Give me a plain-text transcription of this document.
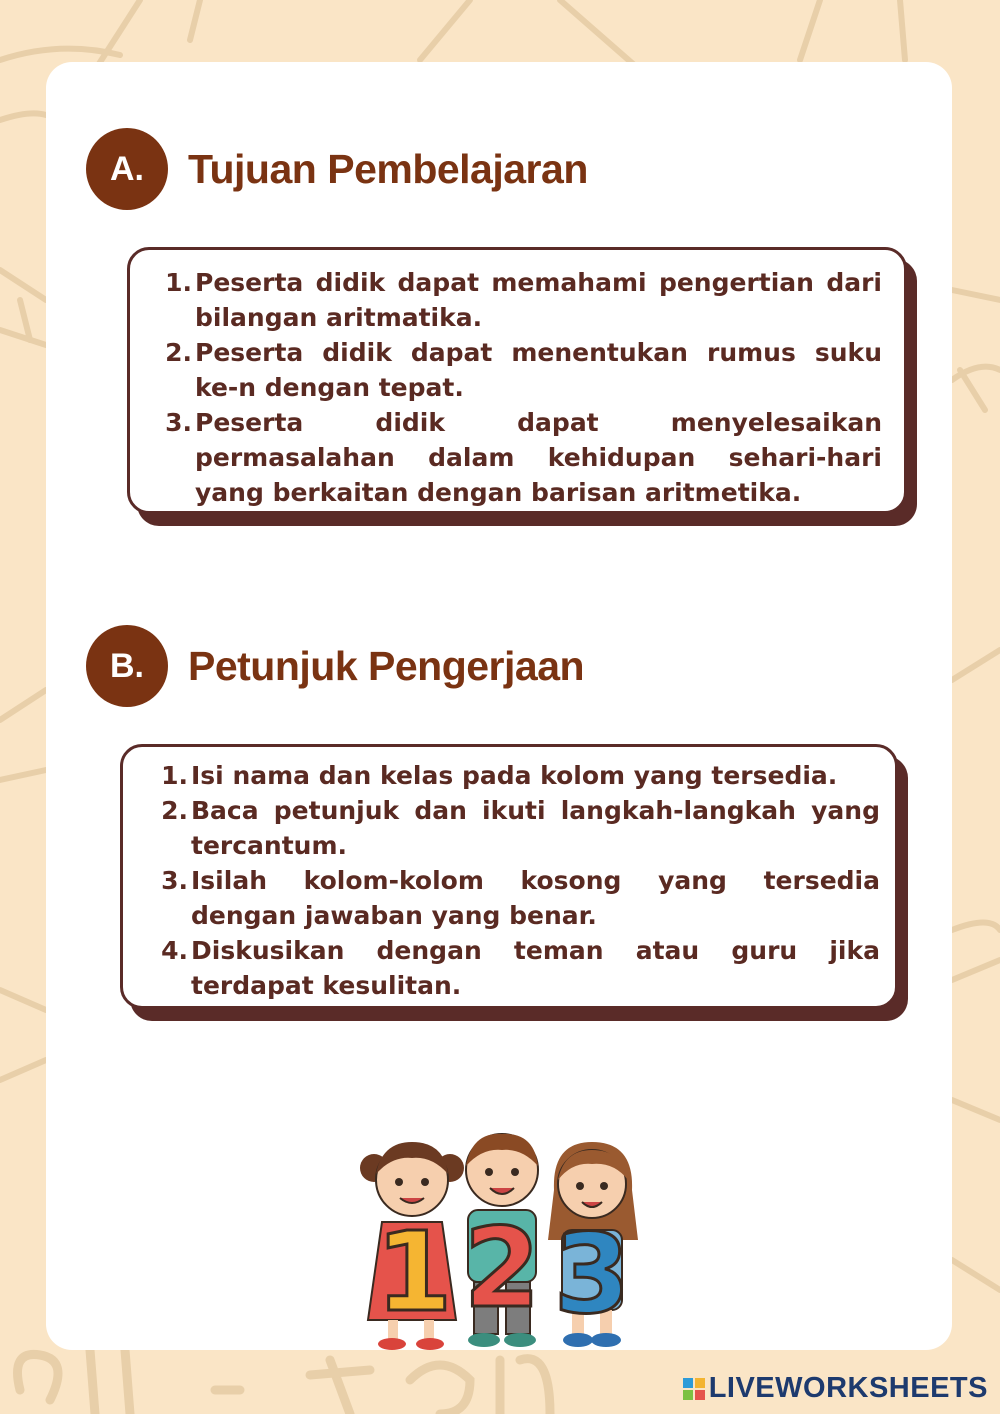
A.	Tujuan Pembelajaran
1. Peserta didik dapat memahami pengertian dari bilangan aritmatika.
2. Peserta didik dapat menentukan rumus suku ke-n dengan tepat.
3. Peserta didik dapat menyelesaikan permasalahan dalam kehidupan sehari-hari yang berkaitan dengan barisan aritmetika.
B.	Petunjuk Pengerjaan
1. Isi nama dan kelas pada kolom yang tersedia.
2. Baca petunjuk dan ikuti langkah-langkah yang tercantum.
3. Isilah kolom-kolom kosong yang tersedia dengan jawaban yang benar.
4. Diskusikan dengan teman atau guru jika terdapat kesulitan.
1 2 3
LIVEWORKSHEETS
